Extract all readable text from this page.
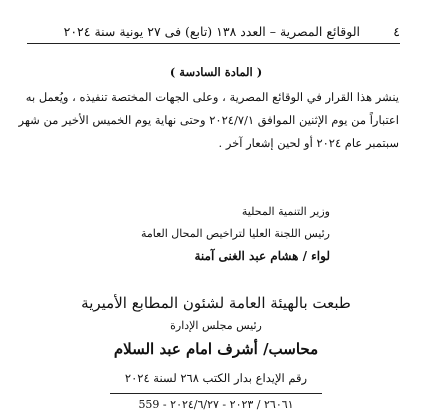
٤
الوقائع المصرية – العدد ١٣٨ (تابع) فى ٢٧ يونية سنة ٢٠٢٤
( المادة السادسة )
ينشر هذا القرار في الوقائع المصرية ، وعلى الجهات المختصة تنفيذه ، ويُعمل به
اعتباراً من يوم الإثنين الموافق ٢٠٢٤/٧/١ وحتى نهاية يوم الخميس الأخير من شهر
سبتمبر عام ٢٠٢٤ أو لحين إشعار آخر .
وزير التنمية المحلية
رئيس اللجنة العليا لتراخيص المحال العامة
لواء / هشام عبد الغنى آمنة
طبعت بالهيئة العامة لشئون المطابع الأميرية
رئيس مجلس الإدارة
محاسب/ أشرف امام عبد السلام
رقم الإيداع بدار الكتب ٢٦٨ لسنة ٢٠٢٤
٢٦٠٦١ / ٢٠٢٣ - ٢٠٢٤/٦/٢٧ - 559
